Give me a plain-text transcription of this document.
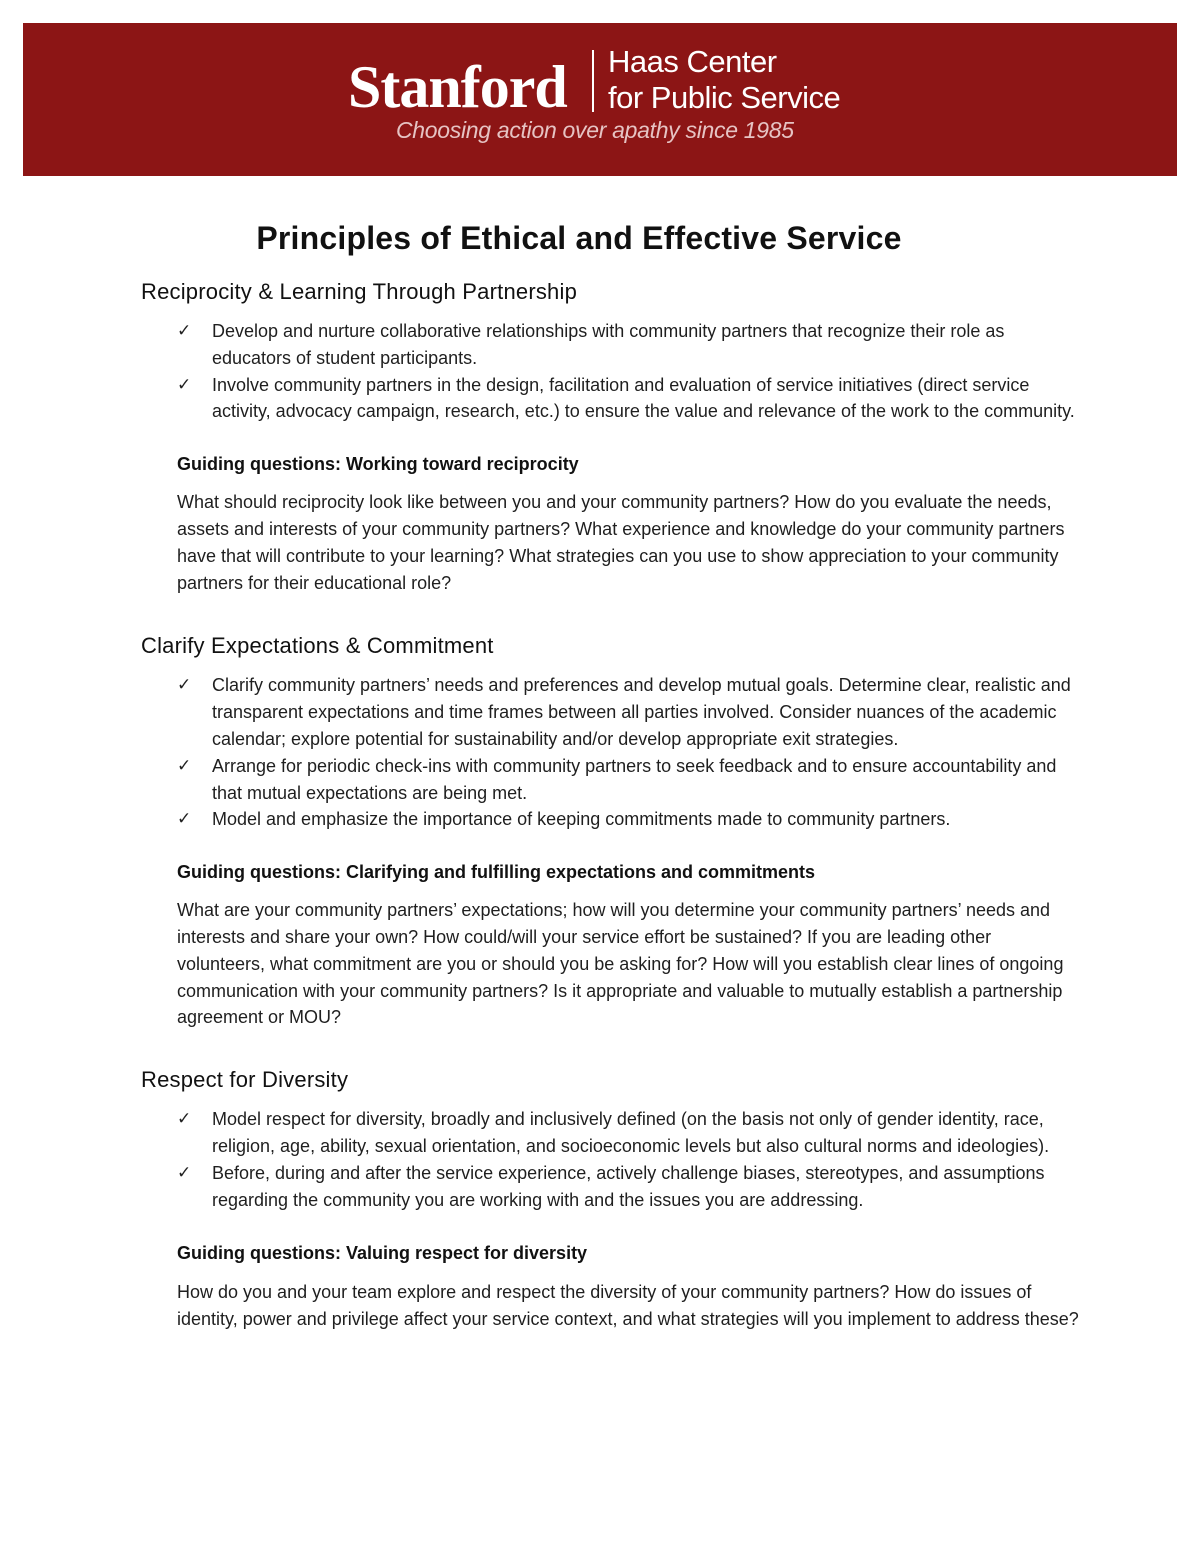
Stanford Haas Center
for Public Service
Choosing action over apathy since 1985
Principles of Ethical and Effective Service
Reciprocity & Learning Through Partnership
✓ Develop and nurture collaborative relationships with community partners that recognize their role as educators of student participants.
✓ Involve community partners in the design, facilitation and evaluation of service initiatives (direct service activity, advocacy campaign, research, etc.) to ensure the value and relevance of the work to the community.
Guiding questions: Working toward reciprocity

What should reciprocity look like between you and your community partners? How do you evaluate the needs, assets and interests of your community partners? What experience and knowledge do your community partners have that will contribute to your learning? What strategies can you use to show appreciation to your community partners for their educational role?

Clarify Expectations & Commitment
✓ Clarify community partners’ needs and preferences and develop mutual goals. Determine clear, realistic and transparent expectations and time frames between all parties involved. Consider nuances of the academic calendar; explore potential for sustainability and/or develop appropriate exit strategies.
✓ Arrange for periodic check-ins with community partners to seek feedback and to ensure accountability and that mutual expectations are being met.
✓ Model and emphasize the importance of keeping commitments made to community partners.
Guiding questions: Clarifying and fulfilling expectations and commitments

What are your community partners’ expectations; how will you determine your community partners’ needs and interests and share your own? How could/will your service effort be sustained? If you are leading other volunteers, what commitment are you or should you be asking for? How will you establish clear lines of ongoing communication with your community partners? Is it appropriate and valuable to mutually establish a partnership agreement or MOU?

Respect for Diversity
✓ Model respect for diversity, broadly and inclusively defined (on the basis not only of gender identity, race, religion, age, ability, sexual orientation, and socioeconomic levels but also cultural norms and ideologies).
✓ Before, during and after the service experience, actively challenge biases, stereotypes, and assumptions regarding the community you are working with and the issues you are addressing.
Guiding questions: Valuing respect for diversity

How do you and your team explore and respect the diversity of your community partners? How do issues of identity, power and privilege affect your service context, and what strategies will you implement to address these?
